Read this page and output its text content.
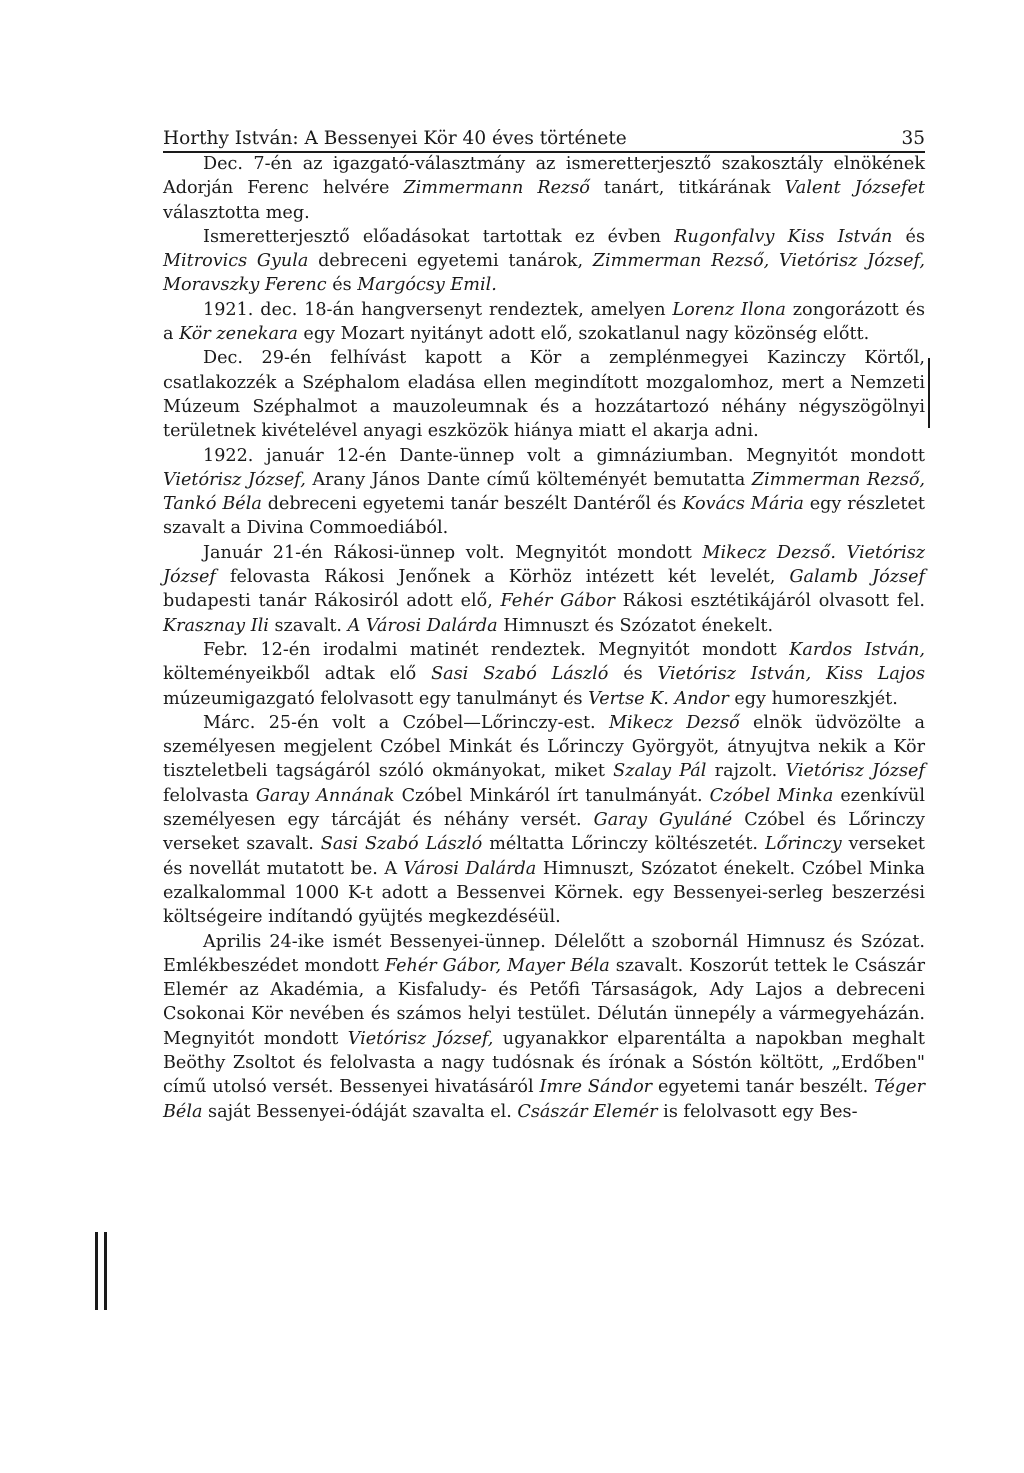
Horthy István: A Bessenyei Kör 40 éves története	35

Dec. 7-én az igazgató-választmány az ismeretterjesztő szakosztály elnökének Adorján Ferenc helvére Zimmermann Rezső tanárt, titkárának Valent Józsefet választotta meg.

Ismeretterjesztő előadásokat tartottak ez évben Rugonfalvy Kiss István és Mitrovics Gyula debreceni egyetemi tanárok, Zimmerman Rezső, Vietórisz József, Moravszky Ferenc és Margócsy Emil.

1921. dec. 18-án hangversenyt rendeztek, amelyen Lorenz Ilona zongorázott és a Kör zenekara egy Mozart nyitányt adott elő, szokatlanul nagy közönség előtt.

Dec. 29-én felhívást kapott a Kör a zemplénmegyei Kazinczy Körtől, csatlakozzék a Széphalom eladása ellen megindított mozgalomhoz, mert a Nemzeti Múzeum Széphalmot a mauzoleumnak és a hozzátartozó néhány négyszögölnyi területnek kivételével anyagi eszközök hiánya miatt el akarja adni.

1922. január 12-én Dante-ünnep volt a gimnáziumban. Megnyitót mondott Vietórisz József, Arany János Dante című költeményét bemutatta Zimmerman Rezső, Tankó Béla debreceni egyetemi tanár beszélt Dantéről és Kovács Mária egy részletet szavalt a Divina Commoediából.

Január 21-én Rákosi-ünnep volt. Megnyitót mondott Mikecz Dezső. Vietórisz József felovasta Rákosi Jenőnek a Körhöz intézett két levelét, Galamb József budapesti tanár Rákosiról adott elő, Fehér Gábor Rákosi esztétikájáról olvasott fel. Krasznay Ili szavalt. A Városi Dalárda Himnuszt és Szózatot énekelt.

Febr. 12-én irodalmi matinét rendeztek. Megnyitót mondott Kardos István, költeményeikből adtak elő Sasi Szabó László és Vietórisz István, Kiss Lajos múzeumigazgató felolvasott egy tanulmányt és Vertse K. Andor egy humoreszkjét.

Márc. 25-én volt a Czóbel—Lőrinczy-est. Mikecz Dezső elnök üdvözölte a személyesen megjelent Czóbel Minkát és Lőrinczy Györgyöt, átnyujtva nekik a Kör tiszteletbeli tagságáról szóló okmányokat, miket Szalay Pál rajzolt. Vietórisz József felolvasta Garay Annának Czóbel Minkáról írt tanulmányát. Czóbel Minka ezenkívül személyesen egy tárcáját és néhány versét. Garay Gyuláné Czóbel és Lőrinczy verseket szavalt. Sasi Szabó László méltatta Lőrinczy költészetét. Lőrinczy verseket és novellát mutatott be. A Városi Dalárda Himnuszt, Szózatot énekelt. Czóbel Minka ezalkalommal 1000 K-t adott a Bessenvei Körnek. egy Bessenyei-serleg beszerzési költségeire indítandó gyüjtés megkezdéséül.

Aprilis 24-ike ismét Bessenyei-ünnep. Délelőtt a szobornál Himnusz és Szózat. Emlékbeszédet mondott Fehér Gábor, Mayer Béla szavalt. Koszorút tettek le Császár Elemér az Akadémia, a Kisfaludy- és Petőfi Társaságok, Ady Lajos a debreceni Csokonai Kör nevében és számos helyi testület. Délután ünnepély a vármegyeházán. Megnyitót mondott Vietórisz József, ugyanakkor elparentálta a napokban meghalt Beöthy Zsoltot és felolvasta a nagy tudósnak és írónak a Sóstón költött, „Erdőben" című utolsó versét. Bessenyei hivatásáról Imre Sándor egyetemi tanár beszélt. Téger Béla saját Bessenyei-ódáját szavalta el. Császár Elemér is felolvasott egy Bes-
